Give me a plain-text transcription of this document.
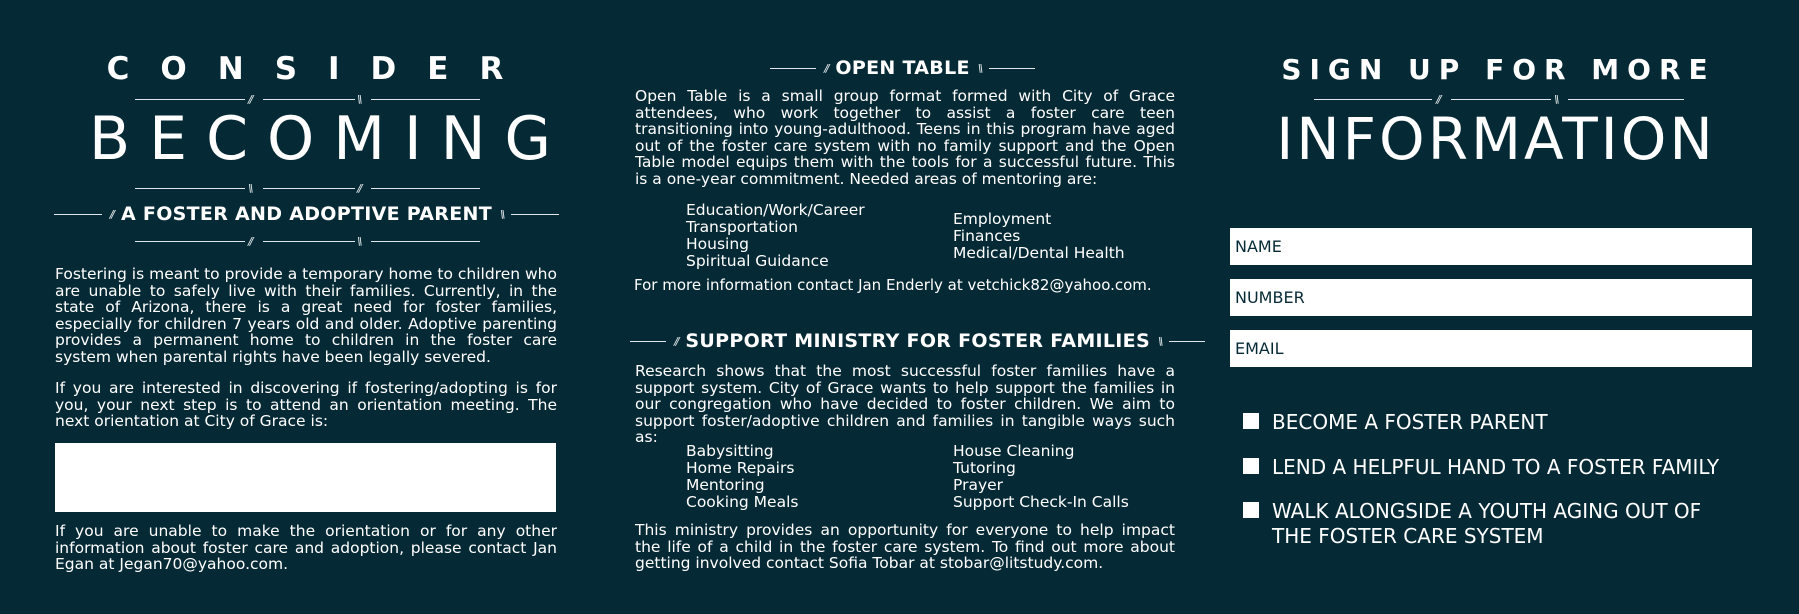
CONSIDER
//	\\
BECOMING
\\	//
// A FOSTER AND ADOPTIVE PARENT \\
//	\\
Fostering is meant to provide a temporary home to children who are unable to safely live with their families. Currently, in the state of Arizona, there is a great need for foster families, especially for children 7 years old and older. Adoptive parenting provides a permanent home to children in the foster care system when parental rights have been legally severed.
If you are interested in discovering if fostering/adopting is for you, your next step is to attend an orientation meeting. The next orientation at City of Grace is:
If you are unable to make the orientation or for any other information about foster care and adoption, please contact Jan Egan at Jegan70@yahoo.com.
// OPEN TABLE \\
Open Table is a small group format formed with City of Grace attendees, who work together to assist a foster care teen transitioning into young-adulthood. Teens in this program have aged out of the foster care system with no family support and the Open Table model equips them with the tools for a successful future. This is a one-year commitment. Needed areas of mentoring are:
Education/Work/Career
Transportation
Housing
Spiritual Guidance
Employment
Finances
Medical/Dental Health
For more information contact Jan Enderly at vetchick82@yahoo.com.
// SUPPORT MINISTRY FOR FOSTER FAMILIES \\
Research shows that the most successful foster families have a support system. City of Grace wants to help support the families in our congregation who have decided to foster children. We aim to support foster/adoptive children and families in tangible ways such as:
Babysitting
Home Repairs
Mentoring
Cooking Meals
House Cleaning
Tutoring
Prayer
Support Check-In Calls
This ministry provides an opportunity for everyone to help impact the life of a child in the foster care system. To find out more about getting involved contact Sofia Tobar at stobar@litstudy.com.
SIGN UP FOR MORE
//	\\
INFORMATION
NAME
NUMBER
EMAIL
BECOME A FOSTER PARENT
LEND A HELPFUL HAND TO A FOSTER FAMILY
WALK ALONGSIDE A YOUTH AGING OUT OF THE FOSTER CARE SYSTEM
